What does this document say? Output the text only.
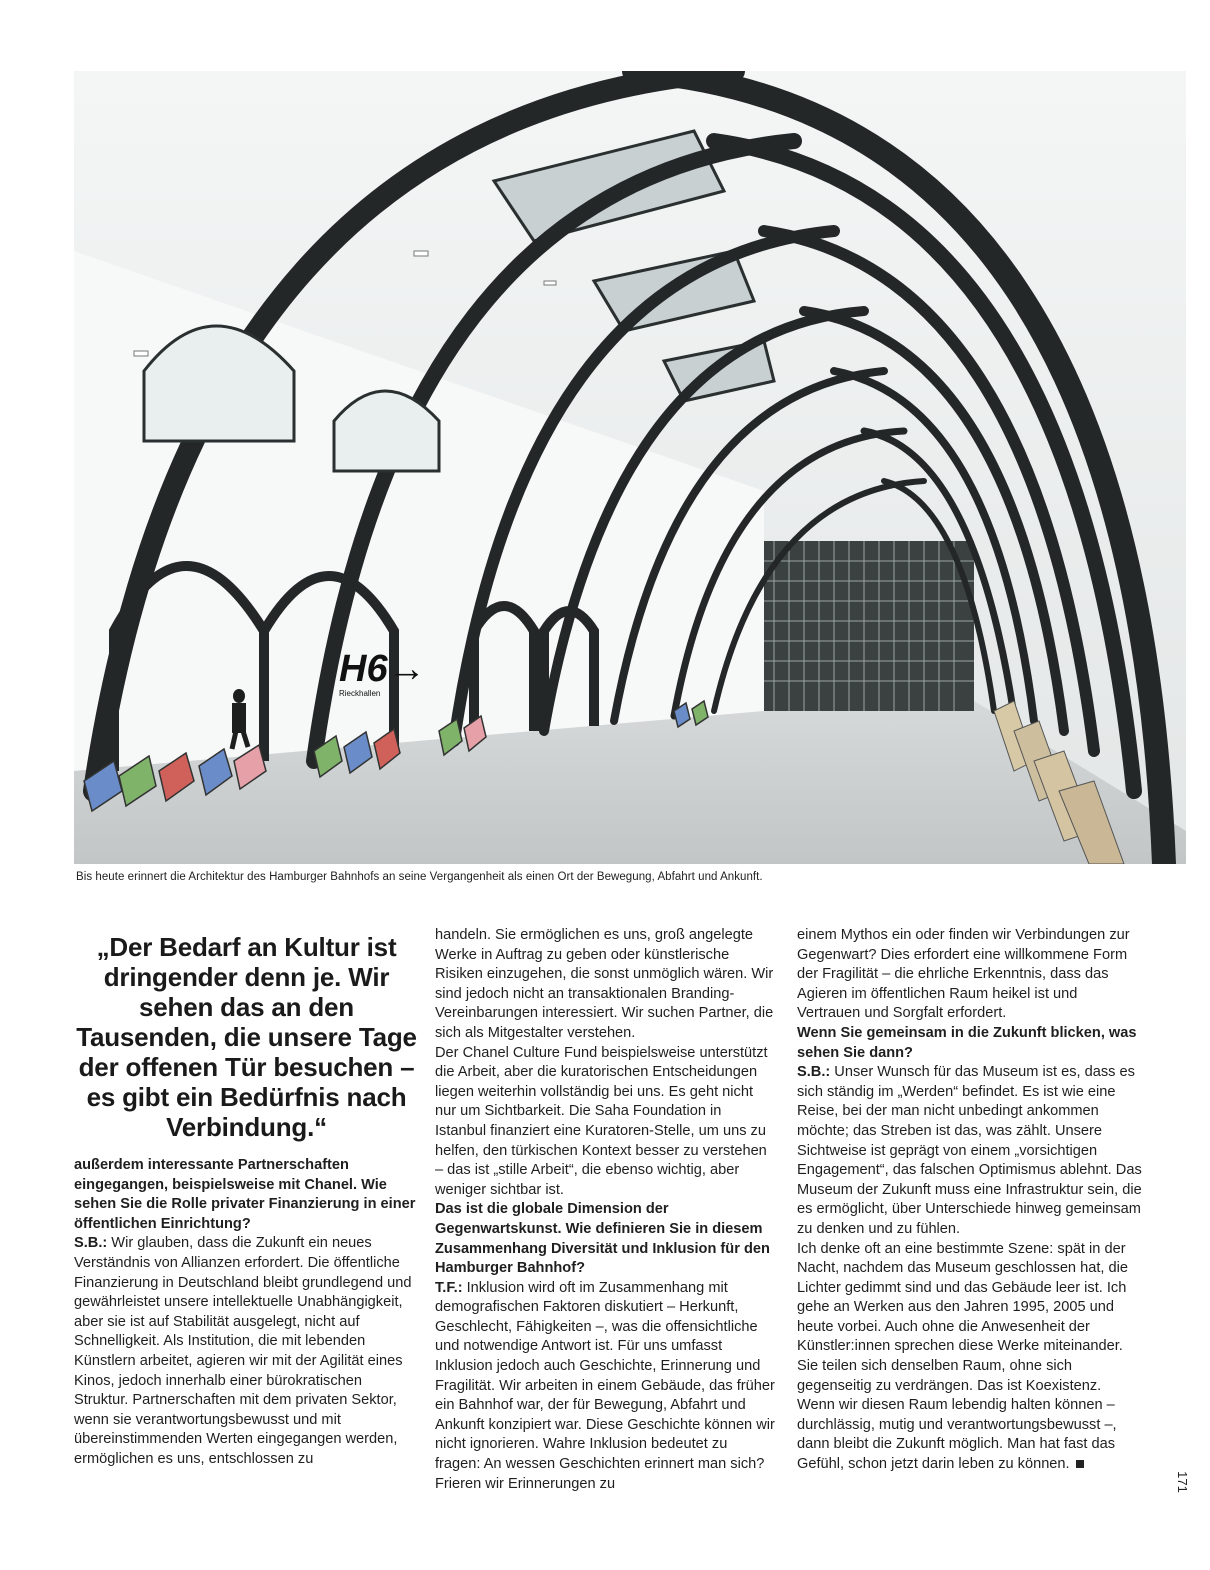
H6→
Rieckhallen
Bis heute erinnert die Architektur des Hamburger Bahnhofs an seine Vergangenheit als einen Ort der Bewegung, Abfahrt und Ankunft.
„Der Bedarf an Kultur ist dringender denn je. Wir sehen das an den Tausenden, die unsere Tage der offenen Tür besuchen – es gibt ein Bedürfnis nach Verbindung.“

außerdem interessante Partnerschaften eingegangen, beispielsweise mit Chanel. Wie sehen Sie die Rolle privater Finanzierung in einer öffentlichen Einrichtung?

S.B.: Wir glauben, dass die Zukunft ein neues Verständnis von Allianzen erfordert. Die öffentliche Finanzierung in Deutschland bleibt grundlegend und gewährleistet unsere intellektuelle Unabhängigkeit, aber sie ist auf Stabilität ausgelegt, nicht auf Schnelligkeit. Als Institution, die mit lebenden Künstlern arbeitet, agieren wir mit der Agilität eines Kinos, jedoch innerhalb einer bürokratischen Struktur. Partnerschaften mit dem privaten Sektor, wenn sie verantwortungsbewusst und mit übereinstimmenden Werten eingegangen werden, ermöglichen es uns, entschlossen zu

handeln. Sie ermöglichen es uns, groß angelegte Werke in Auftrag zu geben oder künstlerische Risiken einzugehen, die sonst unmöglich wären. Wir sind jedoch nicht an transaktionalen Branding-Vereinbarungen interessiert. Wir suchen Partner, die sich als Mitgestalter verstehen.

Der Chanel Culture Fund beispielsweise unterstützt die Arbeit, aber die kuratorischen Entscheidungen liegen weiterhin vollständig bei uns. Es geht nicht nur um Sichtbarkeit. Die Saha Foundation in Istanbul finanziert eine Kuratoren-Stelle, um uns zu helfen, den türkischen Kontext besser zu verstehen – das ist „stille Arbeit“, die ebenso wichtig, aber weniger sichtbar ist.

Das ist die globale Dimension der Gegenwartskunst. Wie definieren Sie in diesem Zusammenhang Diversität und Inklusion für den Hamburger Bahnhof?

T.F.: Inklusion wird oft im Zusammenhang mit demografischen Faktoren diskutiert – Herkunft, Geschlecht, Fähigkeiten –, was die offensichtliche und notwendige Antwort ist. Für uns umfasst Inklusion jedoch auch Geschichte, Erinnerung und Fragilität. Wir arbeiten in einem Gebäude, das früher ein Bahnhof war, der für Bewegung, Abfahrt und Ankunft konzipiert war. Diese Geschichte können wir nicht ignorieren. Wahre Inklusion bedeutet zu fragen: An wessen Geschichten erinnert man sich? Frieren wir Erinnerungen zu

einem Mythos ein oder finden wir Verbindungen zur Gegenwart? Dies erfordert eine willkommene Form der Fragilität – die ehrliche Erkenntnis, dass das Agieren im öffentlichen Raum heikel ist und Vertrauen und Sorgfalt erfordert.

Wenn Sie gemeinsam in die Zukunft blicken, was sehen Sie dann?

S.B.: Unser Wunsch für das Museum ist es, dass es sich ständig im „Werden“ befindet. Es ist wie eine Reise, bei der man nicht unbedingt ankommen möchte; das Streben ist das, was zählt. Unsere Sichtweise ist geprägt von einem „vorsichtigen Engagement“, das falschen Optimismus ablehnt. Das Museum der Zukunft muss eine Infrastruktur sein, die es ermöglicht, über Unterschiede hinweg gemeinsam zu denken und zu fühlen.

Ich denke oft an eine bestimmte Szene: spät in der Nacht, nachdem das Museum geschlossen hat, die Lichter gedimmt sind und das Gebäude leer ist. Ich gehe an Werken aus den Jahren 1995, 2005 und heute vorbei. Auch ohne die Anwesenheit der Künstler:innen sprechen diese Werke miteinander. Sie teilen sich denselben Raum, ohne sich gegenseitig zu verdrängen. Das ist Koexistenz. Wenn wir diesen Raum lebendig halten können – durchlässig, mutig und verantwortungsbewusst –, dann bleibt die Zukunft möglich. Man hat fast das Gefühl, schon jetzt darin leben zu können.

171
